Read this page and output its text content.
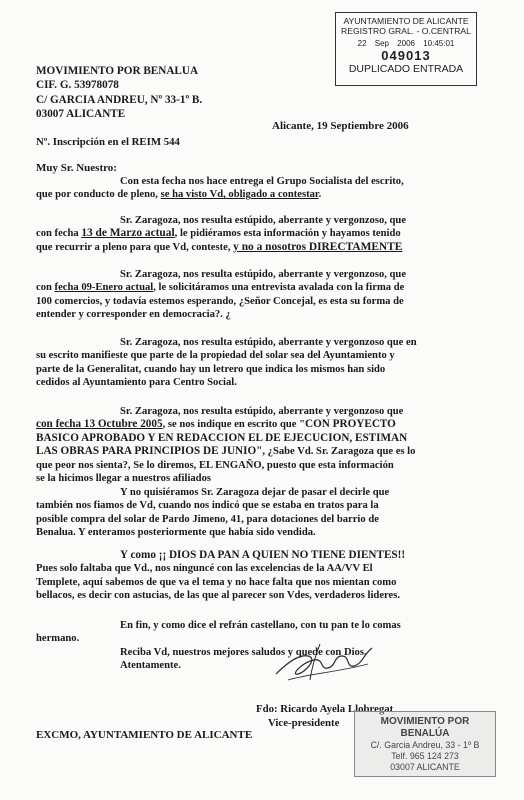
AYUNTAMIENTO DE ALICANTE
REGISTRO GRAL. - O.CENTRAL
22 Sep 2006 10:45:01
049013
DUPLICADO ENTRADA
MOVIMIENTO POR BENALUA
CIF. G. 53978078
C/ GARCIA ANDREU, Nº 33-1º B.
03007 ALICANTE
Alicante, 19 Septiembre 2006
Nº. Inscripción en el REIM 544
Muy Sr. Nuestro:
Con esta fecha nos hace entrega el Grupo Socialista del escrito,
que por conducto de pleno, se ha visto Vd, obligado a contestar.
Sr. Zaragoza, nos resulta estúpido, aberrante y vergonzoso, que
con fecha 13 de Marzo actual, le pidiéramos esta información y hayamos tenido
que recurrir a pleno para que Vd, conteste, y no a nosotros DIRECTAMENTE
Sr. Zaragoza, nos resulta estúpido, aberrante y vergonzoso, que
con fecha 09-Enero actual, le solicitáramos una entrevista avalada con la firma de
100 comercios, y todavía estemos esperando, ¿Señor Concejal, es esta su forma de
entender y corresponder en democracia?. ¿
Sr. Zaragoza, nos resulta estúpido, aberrante y vergonzoso que en
su escrito manifieste que parte de la propiedad del solar sea del Ayuntamiento y
parte de la Generalitat, cuando hay un letrero que indica los mismos han sido
cedidos al Ayuntamiento para Centro Social.
Sr. Zaragoza, nos resulta estúpido, aberrante y vergonzoso que
con fecha 13 Octubre 2005, se nos indique en escrito que "CON PROYECTO
BASICO APROBADO Y EN REDACCION EL DE EJECUCION, ESTIMAN
LAS OBRAS PARA PRINCIPIOS DE JUNIO", ¿Sabe Vd. Sr. Zaragoza que es lo
que peor nos sienta?, Se lo diremos, EL ENGAÑO, puesto que esta información
se la hicimos llegar a nuestros afiliados
Y no quisiéramos Sr. Zaragoza dejar de pasar el decirle que
también nos fiamos de Vd, cuando nos indicó que se estaba en tratos para la
posible compra del solar de Pardo Jimeno, 41, para dotaciones del barrio de
Benalua. Y enteramos posteriormente que había sido vendida.
Y como ¡¡ DIOS DA PAN A QUIEN NO TIENE DIENTES!!
Pues solo faltaba que Vd., nos ninguncé con las excelencias de la AA/VV El
Templete, aquí sabemos de que va el tema y no hace falta que nos mientan como
bellacos, es decir con astucias, de las que al parecer son Vdes, verdaderos lideres.
En fin, y como dice el refrán castellano, con tu pan te lo comas
hermano.
Reciba Vd, nuestros mejores saludos y quede con Dios.
Atentamente.
Fdo: Ricardo Ayela Llobregat
Vice-presidente
EXCMO, AYUNTAMIENTO DE ALICANTE
MOVIMIENTO POR BENALÚA
C/. Garcia Andreu, 33 - 1º B
Telf. 965 124 273
03007 ALICANTE
